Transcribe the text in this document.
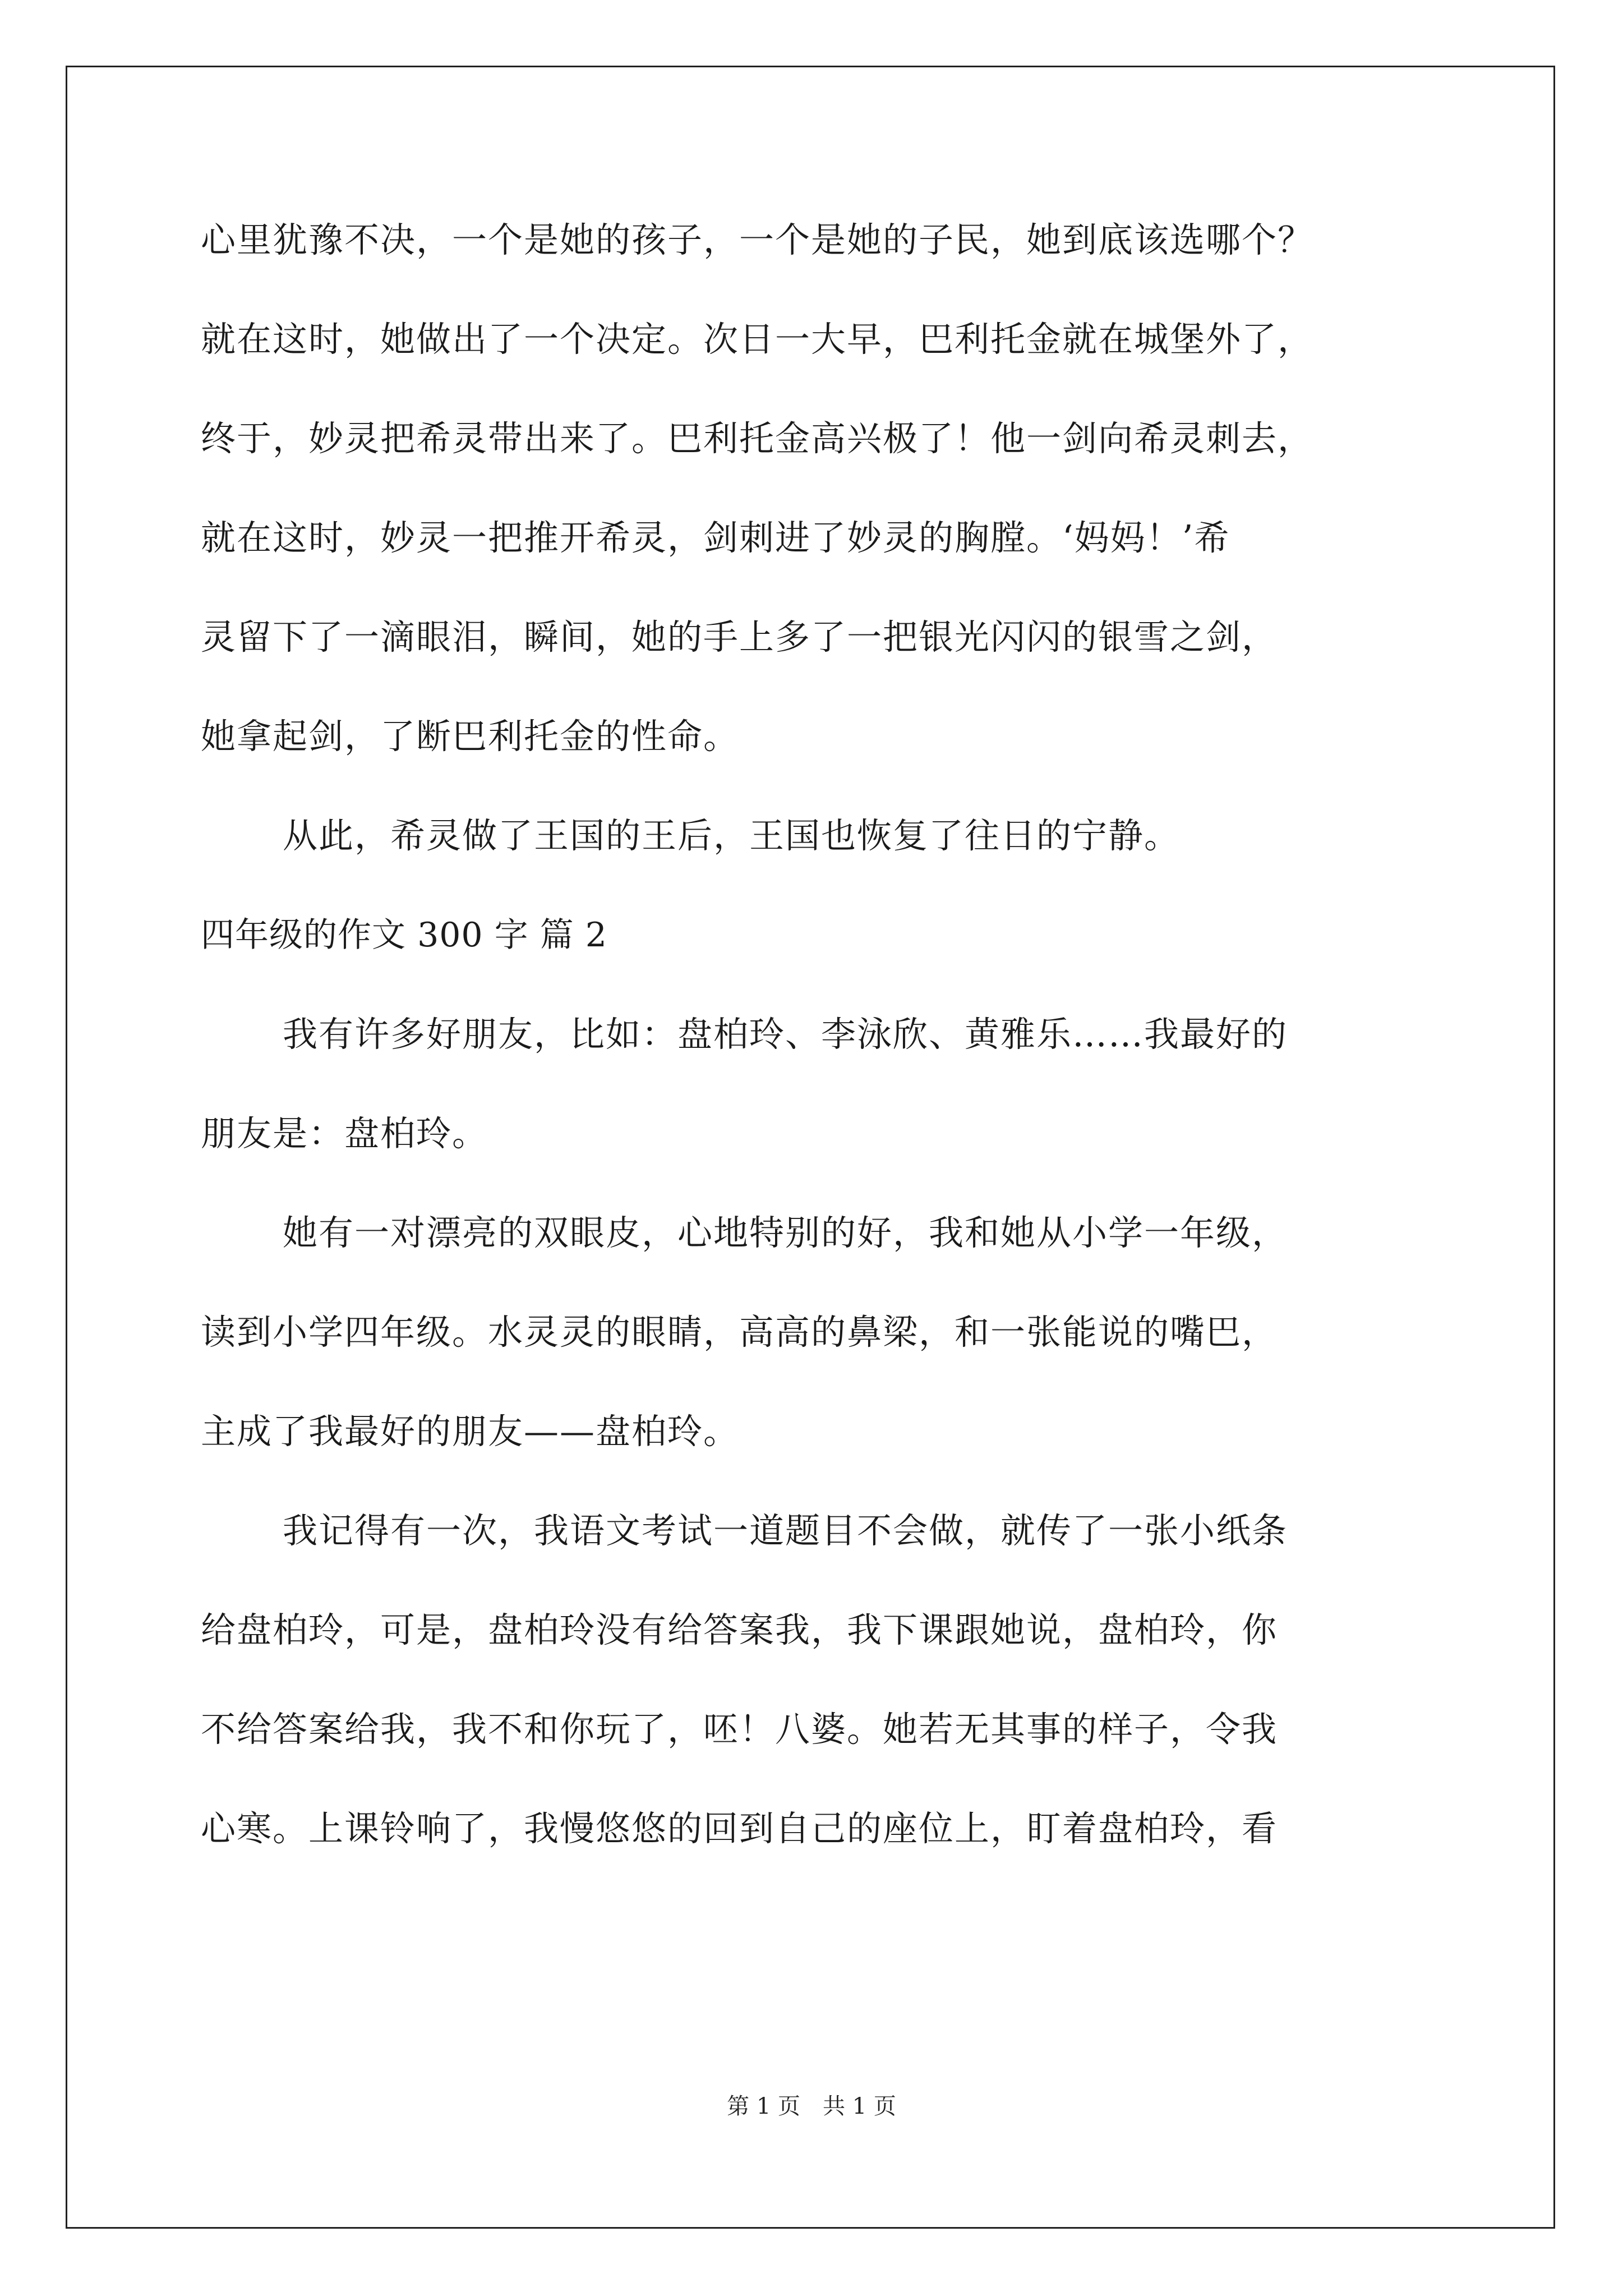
心里犹豫不决，一个是她的孩子，一个是她的子民，她到底该选哪个？
就在这时，她做出了一个决定。次日一大早，巴利托金就在城堡外了，
终于，妙灵把希灵带出来了。巴利托金高兴极了！他一剑向希灵刺去，
就在这时，妙灵一把推开希灵，剑刺进了妙灵的胸膛。‘妈妈！’希
灵留下了一滴眼泪，瞬间，她的手上多了一把银光闪闪的银雪之剑，
她拿起剑，了断巴利托金的性命。
从此，希灵做了王国的王后，王国也恢复了往日的宁静。
四年级的作文 300 字 篇 2
我有许多好朋友，比如：盘柏玲、李泳欣、黄雅乐……我最好的
朋友是：盘柏玲。
她有一对漂亮的双眼皮，心地特别的好，我和她从小学一年级，
读到小学四年级。水灵灵的眼睛，高高的鼻梁，和一张能说的嘴巴，
主成了我最好的朋友——盘柏玲。
我记得有一次，我语文考试一道题目不会做，就传了一张小纸条
给盘柏玲，可是，盘柏玲没有给答案我，我下课跟她说，盘柏玲，你
不给答案给我，我不和你玩了，呸！八婆。她若无其事的样子，令我
心寒。上课铃响了，我慢悠悠的回到自己的座位上，盯着盘柏玲，看
第 1 页 共 1 页
